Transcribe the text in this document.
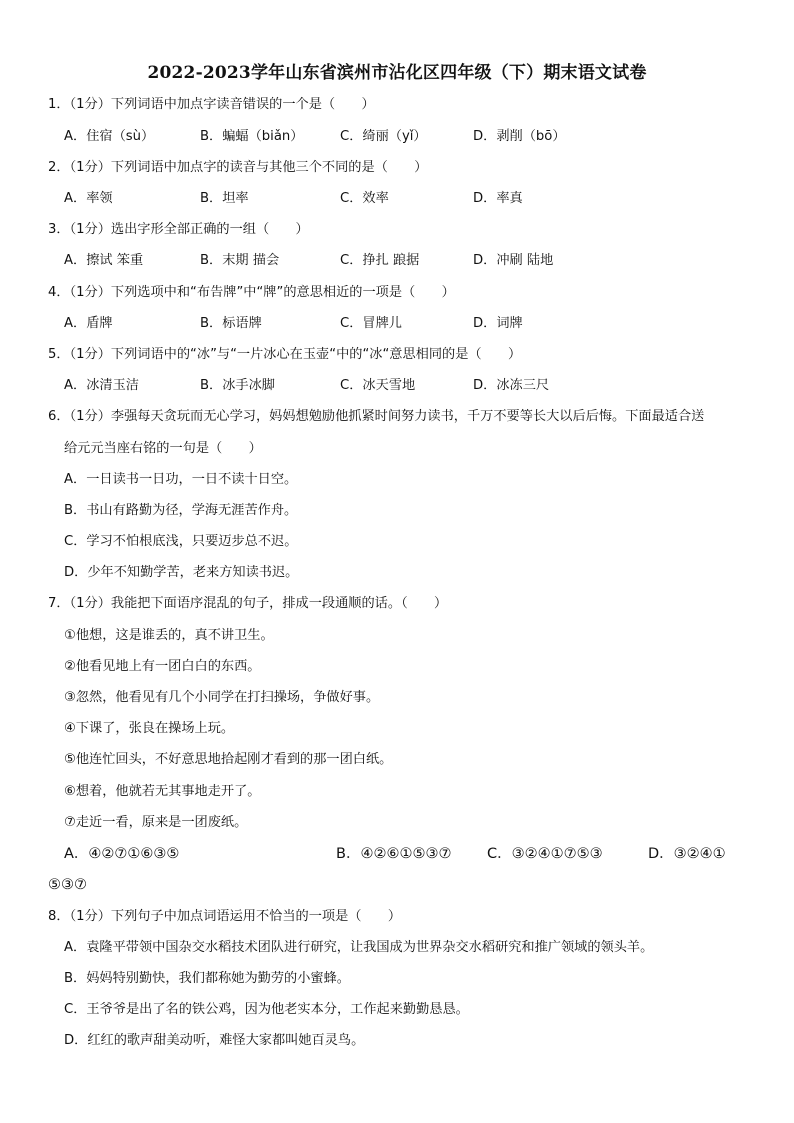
2022-2023学年山东省滨州市沾化区四年级（下）期末语文试卷
1．（1分）下列词语中加点字读音错误的一个是（　　）
A．住宿（sù）	B．蝙蝠（biǎn）	C．绮丽（yǐ）	D．剥削（bō）
2．（1分）下列词语中加点字的读音与其他三个不同的是（　　）
A．率领	B．坦率	C．效率	D．率真
3．（1分）选出字形全部正确的一组（　　）
A．擦试 笨重	B．末期 描会	C．挣扎 踉据	D．冲刷 陆地
4．（1分）下列选项中和“布告牌”中“牌”的意思相近的一项是（　　）
A．盾牌	B．标语牌	C．冒牌儿	D．词牌
5．（1分）下列词语中的“冰”与“一片冰心在玉壶“中的“冰“意思相同的是（　　）
A．冰清玉洁	B．冰手冰脚	C．冰天雪地	D．冰冻三尺
6．（1分）李强每天贪玩而无心学习，妈妈想勉励他抓紧时间努力读书，千万不要等长大以后后悔。下面最适合送
给元元当座右铭的一句是（　　）
A．一日读书一日功，一日不读十日空。
B．书山有路勤为径，学海无涯苦作舟。
C．学习不怕根底浅，只要迈步总不迟。
D．少年不知勤学苦，老来方知读书迟。
7．（1分）我能把下面语序混乱的句子，排成一段通顺的话。（　　）
①他想，这是谁丢的，真不讲卫生。
②他看见地上有一团白白的东西。
③忽然，他看见有几个小同学在打扫操场，争做好事。
④下课了，张良在操场上玩。
⑤他连忙回头，不好意思地拾起刚才看到的那一团白纸。
⑥想着，他就若无其事地走开了。
⑦走近一看，原来是一团废纸。
A．④②⑦①⑥③⑤	B．④②⑥①⑤③⑦ C．③②④①⑦⑤③	D．③②④①
⑤③⑦
8．（1分）下列句子中加点词语运用不恰当的一项是（　　）
A．袁隆平带领中国杂交水稻技术团队进行研究，让我国成为世界杂交水稻研究和推广领域的领头羊。
B．妈妈特别勤快，我们都称她为勤劳的小蜜蜂。
C．王爷爷是出了名的铁公鸡，因为他老实本分，工作起来勤勤恳恳。
D．红红的歌声甜美动听，难怪大家都叫她百灵鸟。
